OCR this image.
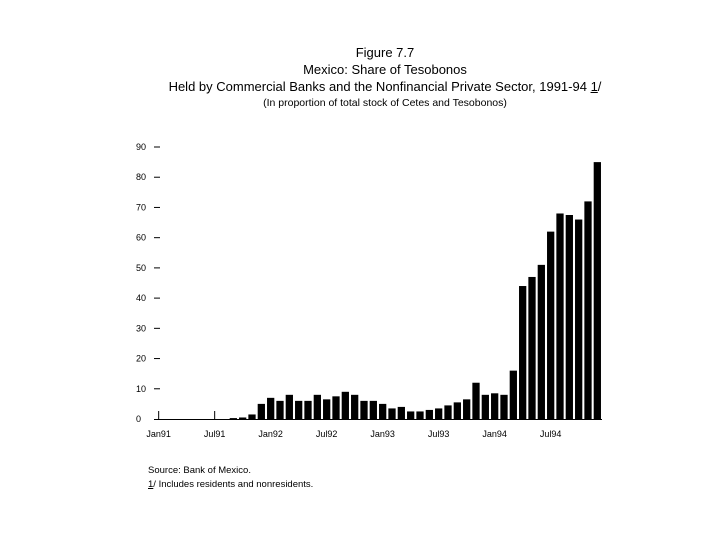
Figure 7.7
Mexico: Share of Tesobonos
Held by Commercial Banks and the Nonfinancial Private Sector, 1991-94 1/
(In proportion of total stock of Cetes and Tesobonos)
0
10
20
30
40
50
60
70
80
90
Jan91	Jul91	Jan92	Jul92	Jan93	Jul93	Jan94	Jul94
Source: Bank of Mexico.
1/ Includes residents and nonresidents.
